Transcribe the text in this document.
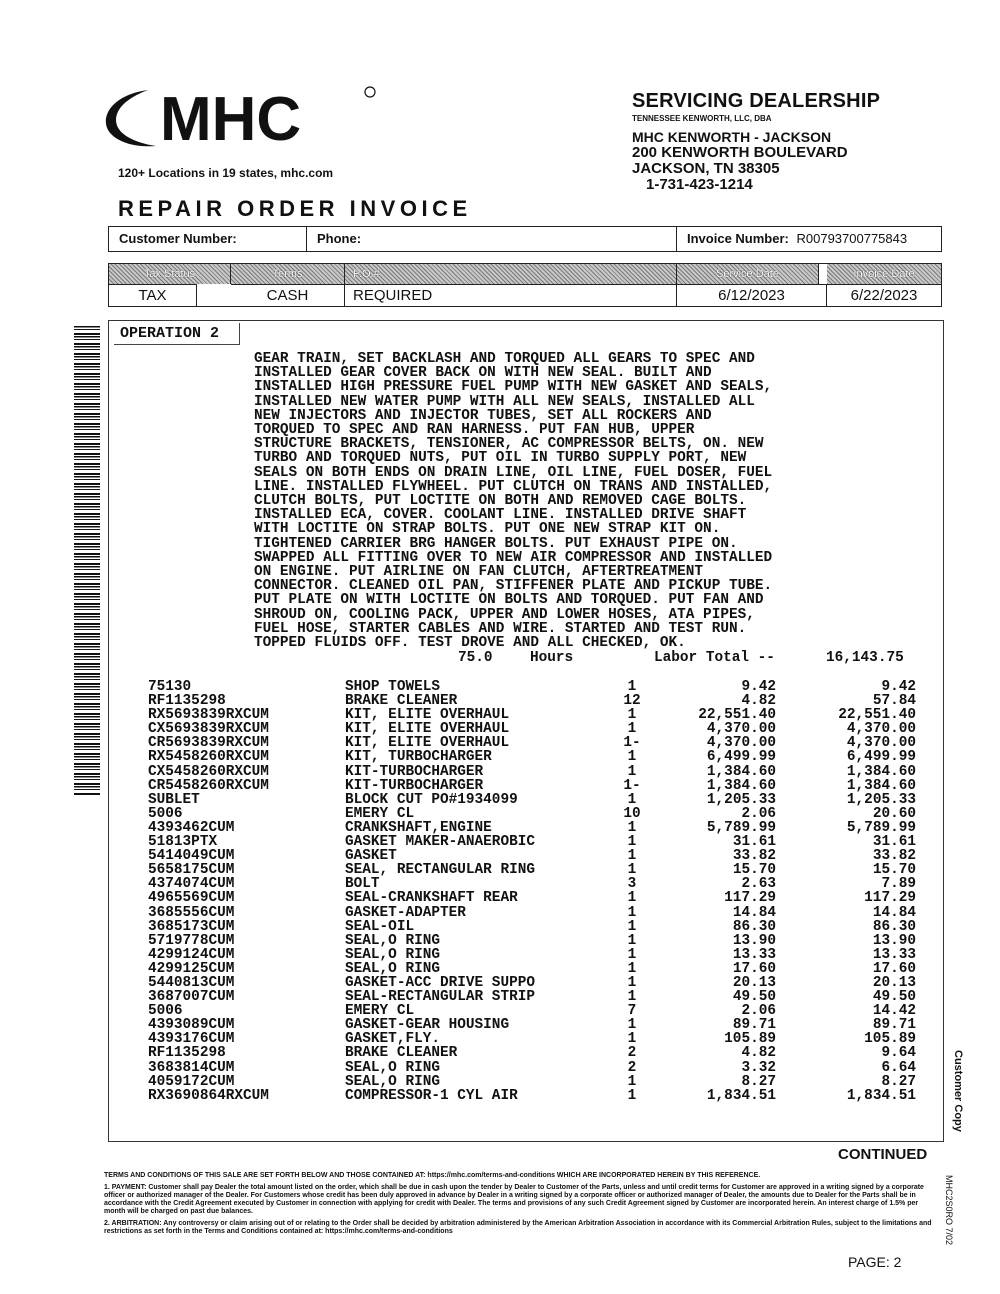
MHC
120+ Locations in 19 states, mhc.com
SERVICING DEALERSHIP
TENNESSEE KENWORTH, LLC, DBA
MHC KENWORTH - JACKSON
200 KENWORTH BOULEVARD
JACKSON, TN 38305
1-731-423-1214
REPAIR ORDER INVOICE
Customer Number:	Phone:	Invoice Number: R00793700775843
Tax Status	Terms	P.O.#	Service Date	Invoice Date
TAX	CASH	REQUIRED	6/12/2023	6/22/2023
OPERATION 2
GEAR TRAIN, SET BACKLASH AND TORQUED ALL GEARS TO SPEC AND
INSTALLED GEAR COVER BACK ON WITH NEW SEAL. BUILT AND
INSTALLED HIGH PRESSURE FUEL PUMP WITH NEW GASKET AND SEALS,
INSTALLED NEW WATER PUMP WITH ALL NEW SEALS, INSTALLED ALL
NEW INJECTORS AND INJECTOR TUBES, SET ALL ROCKERS AND
TORQUED TO SPEC AND RAN HARNESS. PUT FAN HUB, UPPER
STRUCTURE BRACKETS, TENSIONER, AC COMPRESSOR BELTS, ON. NEW
TURBO AND TORQUED NUTS, PUT OIL IN TURBO SUPPLY PORT, NEW
SEALS ON BOTH ENDS ON DRAIN LINE, OIL LINE, FUEL DOSER, FUEL
LINE. INSTALLED FLYWHEEL. PUT CLUTCH ON TRANS AND INSTALLED,
CLUTCH BOLTS, PUT LOCTITE ON BOTH AND REMOVED CAGE BOLTS.
INSTALLED ECA, COVER. COOLANT LINE. INSTALLED DRIVE SHAFT
WITH LOCTITE ON STRAP BOLTS. PUT ONE NEW STRAP KIT ON.
TIGHTENED CARRIER BRG HANGER BOLTS. PUT EXHAUST PIPE ON.
SWAPPED ALL FITTING OVER TO NEW AIR COMPRESSOR AND INSTALLED
ON ENGINE. PUT AIRLINE ON FAN CLUTCH, AFTERTREATMENT
CONNECTOR. CLEANED OIL PAN, STIFFENER PLATE AND PICKUP TUBE.
PUT PLATE ON WITH LOCTITE ON BOLTS AND TORQUED. PUT FAN AND
SHROUD ON, COOLING PACK, UPPER AND LOWER HOSES, ATA PIPES,
FUEL HOSE, STARTER CABLES AND WIRE. STARTED AND TEST RUN.
TOPPED FLUIDS OFF. TEST DROVE AND ALL CHECKED, OK.
75.0	Hours	Labor Total --	16,143.75
75130	SHOP TOWELS	1	9.42	9.42
RF1135298	BRAKE CLEANER	12	4.82	57.84
RX5693839RXCUM	KIT, ELITE OVERHAUL	1	22,551.40	22,551.40
CX5693839RXCUM	KIT, ELITE OVERHAUL	1	4,370.00	4,370.00
CR5693839RXCUM	KIT, ELITE OVERHAUL	1-	4,370.00	4,370.00
RX5458260RXCUM	KIT, TURBOCHARGER	1	6,499.99	6,499.99
CX5458260RXCUM	KIT-TURBOCHARGER	1	1,384.60	1,384.60
CR5458260RXCUM	KIT-TURBOCHARGER	1-	1,384.60	1,384.60
SUBLET	BLOCK CUT PO#1934099	1	1,205.33	1,205.33
5006	EMERY CL	10	2.06	20.60
4393462CUM	CRANKSHAFT,ENGINE	1	5,789.99	5,789.99
51813PTX	GASKET MAKER-ANAEROBIC	1	31.61	31.61
5414049CUM	GASKET	1	33.82	33.82
5658175CUM	SEAL, RECTANGULAR RING	1	15.70	15.70
4374074CUM	BOLT	3	2.63	7.89
4965569CUM	SEAL-CRANKSHAFT REAR	1	117.29	117.29
3685556CUM	GASKET-ADAPTER	1	14.84	14.84
3685173CUM	SEAL-OIL	1	86.30	86.30
5719778CUM	SEAL,O RING	1	13.90	13.90
4299124CUM	SEAL,O RING	1	13.33	13.33
4299125CUM	SEAL,O RING	1	17.60	17.60
5440813CUM	GASKET-ACC DRIVE SUPPO	1	20.13	20.13
3687007CUM	SEAL-RECTANGULAR STRIP	1	49.50	49.50
5006	EMERY CL	7	2.06	14.42
4393089CUM	GASKET-GEAR HOUSING	1	89.71	89.71
4393176CUM	GASKET,FLY.	1	105.89	105.89
RF1135298	BRAKE CLEANER	2	4.82	9.64
3683814CUM	SEAL,O RING	2	3.32	6.64
4059172CUM	SEAL,O RING	1	8.27	8.27
RX3690864RXCUM	COMPRESSOR-1 CYL AIR	1	1,834.51	1,834.51	Customer Copy
MHC2S0RO 7/02
CONTINUED

TERMS AND CONDITIONS OF THIS SALE ARE SET FORTH BELOW AND THOSE CONTAINED AT: https://mhc.com/terms-and-conditions WHICH ARE INCORPORATED HEREIN BY THIS REFERENCE.

1. PAYMENT: Customer shall pay Dealer the total amount listed on the order, which shall be due in cash upon the tender by Dealer to Customer of the Parts, unless and until credit terms for Customer are approved in a writing signed by a corporate officer or authorized manager of the Dealer. For Customers whose credit has been duly approved in advance by Dealer in a writing signed by a corporate officer or authorized manager of Dealer, the amounts due to Dealer for the Parts shall be in accordance with the Credit Agreement executed by Customer in connection with applying for credit with Dealer. The terms and provisions of any such Credit Agreement signed by Customer are incorporated herein. An interest charge of 1.5% per month will be charged on past due balances.

2. ARBITRATION: Any controversy or claim arising out of or relating to the Order shall be decided by arbitration administered by the American Arbitration Association in accordance with its Commercial Arbitration Rules, subject to the limitations and restrictions as set forth in the Terms and Conditions contained at: https://mhc.com/terms-and-conditions

PAGE: 2
